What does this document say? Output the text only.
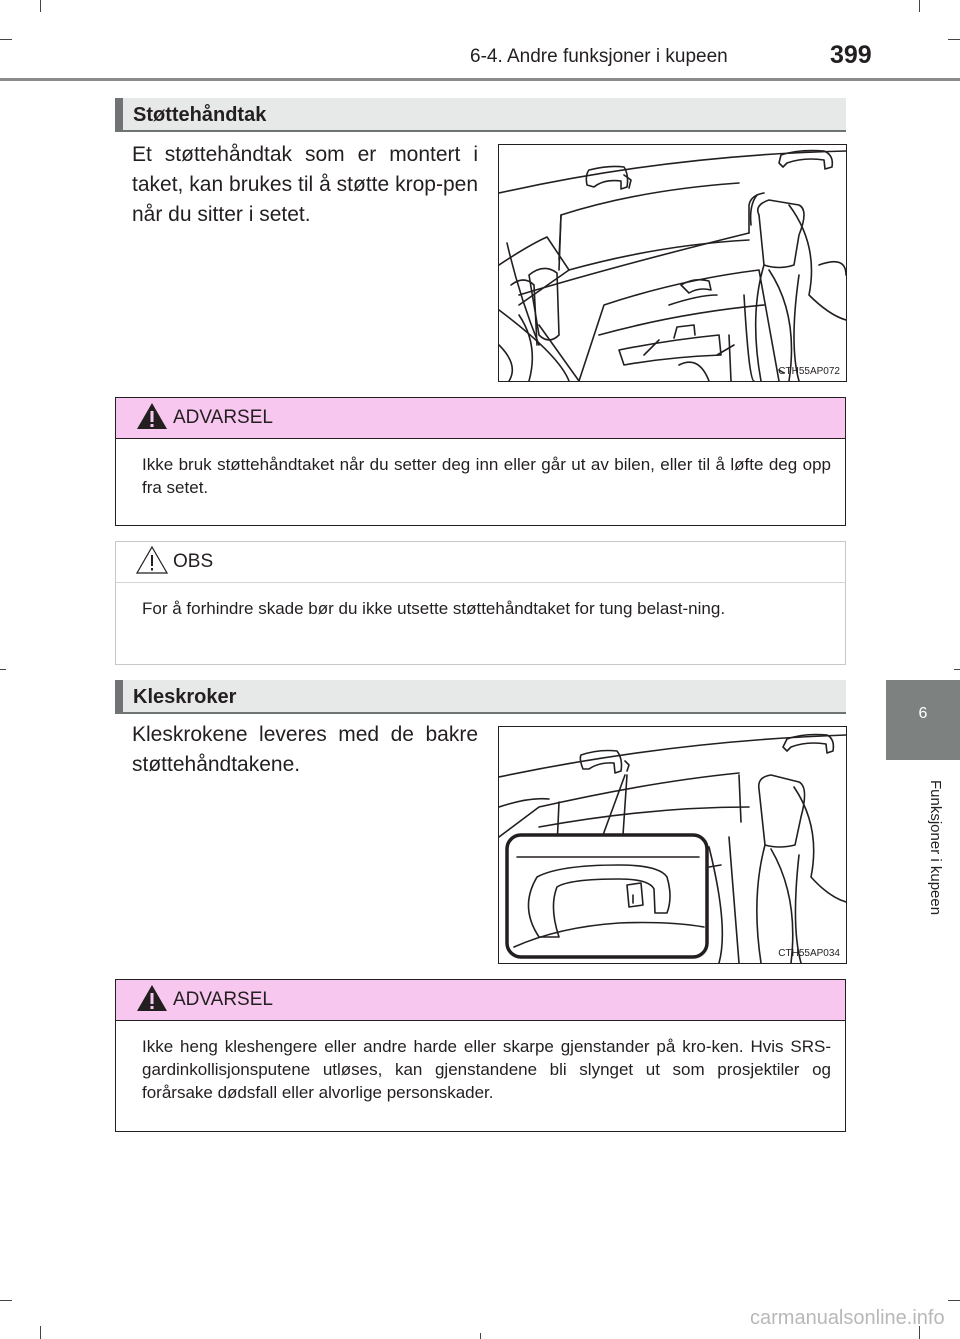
6-4. Andre funksjoner i kupeen	399
6
Funksjoner i kupeen
Støttehåndtak
Et støttehåndtak som er montert i taket, kan brukes til å støtte krop-pen når du sitter i setet.
CTH55AP072
ADVARSEL
Ikke bruk støttehåndtaket når du setter deg inn eller går ut av bilen, eller til å løfte deg opp fra setet.
OBS
For å forhindre skade bør du ikke utsette støttehåndtaket for tung belast-ning.
Kleskroker
Kleskrokene leveres med de bakre støttehåndtakene.
CTH55AP034
ADVARSEL
Ikke heng kleshengere eller andre harde eller skarpe gjenstander på kro-ken. Hvis SRS-gardinkollisjonsputene utløses, kan gjenstandene bli slynget ut som prosjektiler og forårsake dødsfall eller alvorlige personskader.
carmanualsonline.info
